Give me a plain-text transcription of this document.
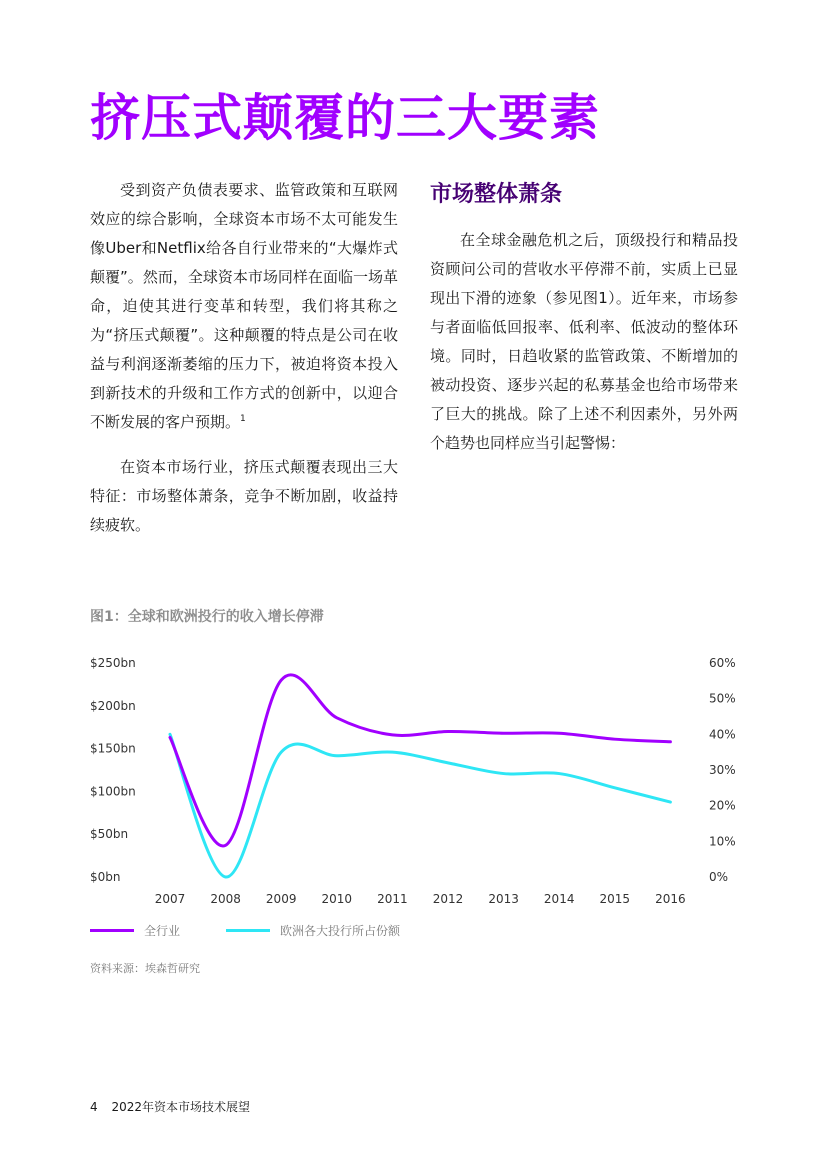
挤压式颠覆的三大要素

受到资产负债表要求、监管政策和互联网效应的综合影响，全球资本市场不太可能发生像Uber和Netflix给各自行业带来的“大爆炸式颠覆”。然而，全球资本市场同样在面临一场革命，迫使其进行变革和转型，我们将其称之为“挤压式颠覆”。这种颠覆的特点是公司在收益与利润逐渐萎缩的压力下，被迫将资本投入到新技术的升级和工作方式的创新中，以迎合不断发展的客户预期。$^1$

在资本市场行业，挤压式颠覆表现出三大特征：市场整体萧条，竞争不断加剧，收益持续疲软。

市场整体萧条

在全球金融危机之后，顶级投行和精品投资顾问公司的营收水平停滞不前，实质上已显现出下滑的迹象（参见图1）。近年来，市场参与者面临低回报率、低利率、低波动的整体环境。同时，日趋收紧的监管政策、不断增加的被动投资、逐步兴起的私募基金也给市场带来了巨大的挑战。除了上述不利因素外，另外两个趋势也同样应当引起警惕：

图1：全球和欧洲投行的收入增长停滞
$0bn
$50bn
$100bn
$150bn
$200bn
$250bn
0%
10%
20%
30%
40%
50%
60%
2007 2008 2009 2010 2011 2012 2013 2014 2015 2016
全行业	欧洲各大投行所占份额
资料来源：埃森哲研究
4 2022年资本市场技术展望
